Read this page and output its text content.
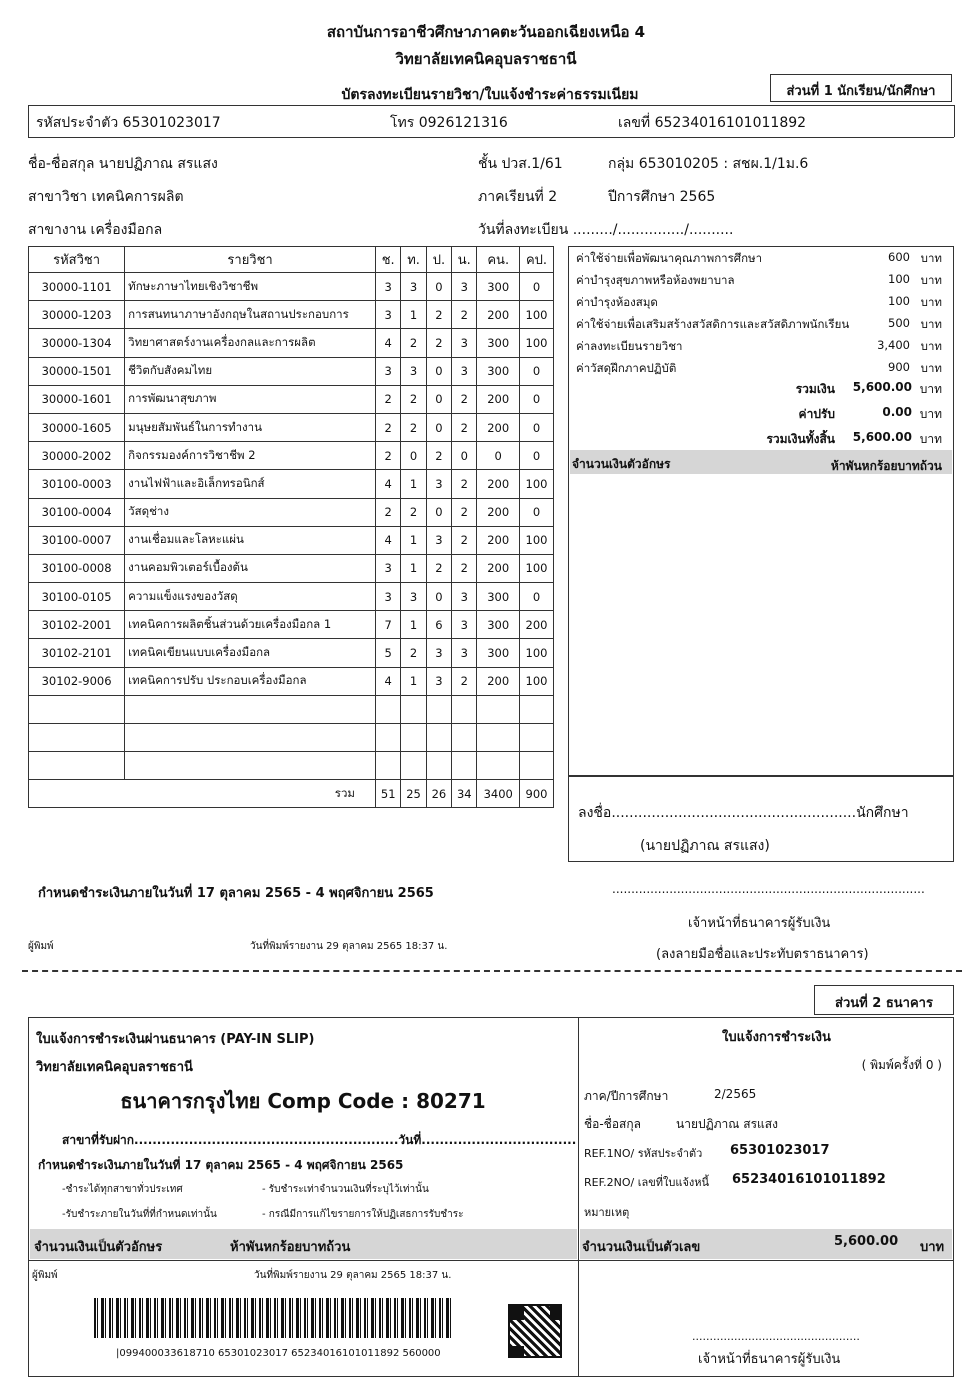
สถาบันการอาชีวศึกษาภาคตะวันออกเฉียงเหนือ 4
วิทยาลัยเทคนิคอุบลราชธานี
บัตรลงทะเบียนรายวิชา/ใบแจ้งชำระค่าธรรมเนียม	ส่วนที่ 1 นักเรียน/นักศึกษา
รหัสประจำตัว 65301023017	โทร 0926121316	เลขที่ 65234016101011892
ชื่อ-ชื่อสกุล นายปฏิภาณ สรแสง	ชั้น ปวส.1/61	กลุ่ม 653010205 : สชผ.1/1ม.6
สาขาวิชา เทคนิคการผลิต	ภาคเรียนที่ 2	ปีการศึกษา 2565
สาขางาน เครื่องมือกล	วันที่ลงทะเบียน ........./.............../..........
รหัสวิชา	รายวิชา	ช.	ท.	ป.	น.	คน.	คป.
30000-1101	ทักษะภาษาไทยเชิงวิชาชีพ	3	3	0	3	300	0
30000-1203	การสนทนาภาษาอังกฤษในสถานประกอบการ	3	1	2	2	200	100
30000-1304	วิทยาศาสตร์งานเครื่องกลและการผลิต	4	2	2	3	300	100
30000-1501	ชีวิตกับสังคมไทย	3	3	0	3	300	0
30000-1601	การพัฒนาสุขภาพ	2	2	0	2	200	0
30000-1605	มนุษยสัมพันธ์ในการทำงาน	2	2	0	2	200	0
30000-2002	กิจกรรมองค์การวิชาชีพ 2	2	0	2	0	0	0
30100-0003	งานไฟฟ้าและอิเล็กทรอนิกส์	4	1	3	2	200	100
30100-0004	วัสดุช่าง	2	2	0	2	200	0
30100-0007	งานเชื่อมและโลหะแผ่น	4	1	3	2	200	100
30100-0008	งานคอมพิวเตอร์เบื้องต้น	3	1	2	2	200	100
30100-0105	ความแข็งแรงของวัสดุ	3	3	0	3	300	0
30102-2001	เทคนิคการผลิตชิ้นส่วนด้วยเครื่องมือกล 1	7	1	6	3	300	200
30102-2101	เทคนิคเขียนแบบเครื่องมือกล	5	2	3	3	300	100
30102-9006	เทคนิคการปรับ ประกอบเครื่องมือกล	4	1	3	2	200	100

รวม		51	25	26	34	3400	900
ค่าใช้จ่ายเพื่อพัฒนาคุณภาพการศึกษา	600 บาท
ค่าบำรุงสุขภาพหรือห้องพยาบาล	100 บาท
ค่าบำรุงห้องสมุด	100 บาท
ค่าใช้จ่ายเพื่อเสริมสร้างสวัสดิการและสวัสดิภาพนักเรียน	500 บาท
ค่าลงทะเบียนรายวิชา	3,400 บาท
ค่าวัสดุฝึกภาคปฏิบัติ	900 บาท
รวมเงิน 5,600.00 บาท
ค่าปรับ	0.00 บาท
รวมเงินทั้งสิ้น 5,600.00 บาท
จำนวนเงินตัวอักษร	ห้าพันหกร้อยบาทถ้วน
ลงชื่อ.......................................................นักศึกษา
(นายปฏิภาณ สรแสง)
กำหนดชำระเงินภายในวันที่ 17 ตุลาคม 2565 - 4 พฤศจิกายน 2565	..................................................................................
เจ้าหน้าที่ธนาคารผู้รับเงิน
(ลงลายมือชื่อและประทับตราธนาคาร)
ผู้พิมพ์	วันที่พิมพ์รายงาน 29 ตุลาคม 2565 18:37 น.
ส่วนที่ 2 ธนาคาร
ใบแจ้งการชำระเงินผ่านธนาคาร (PAY-IN SLIP)
วิทยาลัยเทคนิคอุบลราชธานี
ธนาคารกรุงไทย Comp Code : 80271
สาขาที่รับฝาก..........................................................วันที่..................................
กำหนดชำระเงินภายในวันที่ 17 ตุลาคม 2565 - 4 พฤศจิกายน 2565
-ชำระได้ทุกสาขาทั่วประเทศ	- รับชำระเท่าจำนวนเงินที่ระบุไว้เท่านั้น
-รับชำระภายในวันที่ที่กำหนดเท่านั้น	- กรณีมีการแก้ไขรายการให้ปฏิเสธการรับชำระ
จำนวนเงินเป็นตัวอักษร	ห้าพันหกร้อยบาทถ้วน
ใบแจ้งการชำระเงิน
( พิมพ์ครั้งที่ 0 )
ภาค/ปีการศึกษา	2/2565
ชื่อ-ชื่อสกุล	นายปฏิภาณ สรแสง
REF.1NO/ รหัสประจำตัว 65301023017
REF.2NO/ เลขที่ใบแจ้งหนี้ 65234016101011892
หมายเหตุ
จำนวนเงินเป็นตัวเลข	5,600.00 บาท
ผู้พิมพ์	วันที่พิมพ์รายงาน 29 ตุลาคม 2565 18:37 น.
|099400033618710 65301023017 65234016101011892 560000
................................................
เจ้าหน้าที่ธนาคารผู้รับเงิน
